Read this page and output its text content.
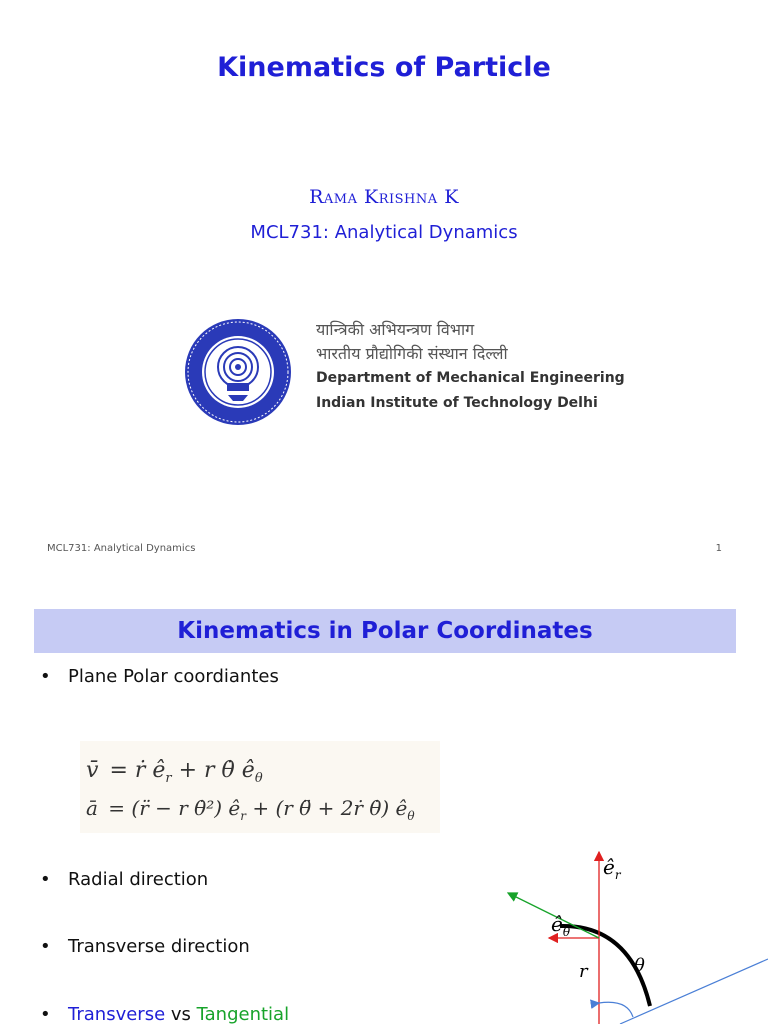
Kinematics of Particle
Rama Krishna K
MCL731: Analytical Dynamics
यान्त्रिकी अभियन्त्रण विभाग
भारतीय प्रौद्योगिकी संस्थान दिल्ली
Department of Mechanical Engineering
Indian Institute of Technology Delhi
MCL731: Analytical Dynamics	1
Kinematics in Polar Coordinates
• Plane Polar coordiantes
v̄ = ṙ $ê_r + r$ θ̇ $ê_\theta$
ā = (r̈ − r θ̇²) $ê_r + (r$ θ̈ + 2ṙ θ̇) $ê_\theta$
• Radial direction
• Transverse direction
• Transverse vs Tangential
$ê_r$
$ê_\theta$
r	θ
